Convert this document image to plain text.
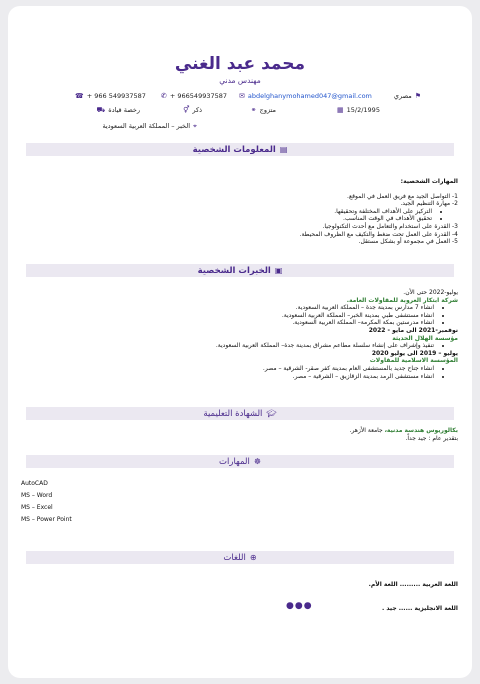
محمد عبد الغني
مهندس مدني
⚑مصري
✉ abdelghanymohamed047@gmail.com
✆ + 966549937587
☎ + 966 549937587
▦ 15/2/1995
متزوج⚭
ذكر⚥
رخصة قيادة⛟
⌖الخبر – المملكة العربية السعودية
▤المعلومات الشخصية
المهارات الشخصية:
1- التواصل الجيد مع فريق العمل في الموقع.
2- مهارة التنظيم الجيد.
• التركيز على الأهداف المختلفة وتحقيقها.
• تحقيق الأهداف في الوقت المناسب.
3- القدرة على استخدام والتعامل مع أحدث التكنولوجيا.
4- القدرة على العمل تحت ضغط والتكيف مع الظروف المحيطة.
5- العمل في مجموعة أو بشكل مستقل.
▣الخبرات الشخصية
يوليو-2022 حتى الأن.
شركة ابتكار العروبة للمقاولات العامة.
• انشاء 7 مدارس بمدينة جدة – المملكة العربية السعودية.
• انشاء مستشفى طبي بمدينة الخبر– المملكة العربية السعودية.
• انشاء مدرستين بمكة المكرمة– المملكة العربية السعودية.
نوفمبر-2021 الى مايو - 2022
مؤسسة الهلال الحديثة
• تنفيذ وإشراف على إنشاء سلسلة مطاعم مشراق بمدينة جدة– المملكة العربية السعودية.
يوليو – 2019 الى يوليو 2020
المؤسسة الاسلامية للمقاولات
• انشاء جناح جديد بالمستشفى العام بمدينة كفر صقر- الشرقية – مصر.
• انشاء مستشفى الرمد بمدينة الزقازيق – الشرقية – مصر.
🎓︎الشهادة التعليمية
بكالوريوس هندسة مدنية، جامعة الأزهر.
بتقدير عام : جيد جداً.
☸المهارات
AutoCAD
MS – Word
MS – Excel
MS – Power Point
⊕اللغات
اللغة العربية ......... اللغة الأم.
اللغة الانجليزية ...... جيد .
●●●
